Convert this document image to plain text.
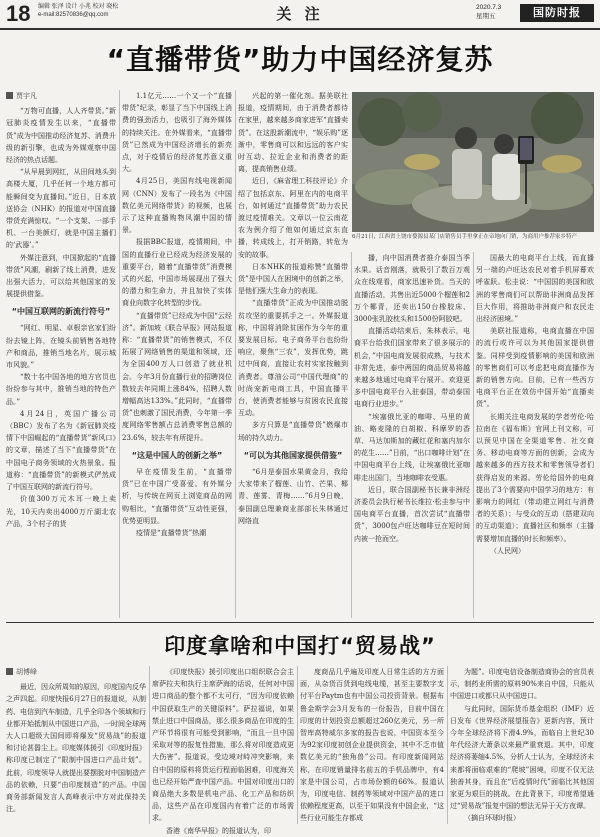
18 编辑 张泽 设计 小兆 校对 晓松
e-mail:82570836@qq.com	关 注	2020.7.3
星期五	国防时报
“直播带货”助力中国经济复苏

贾宇凡

“万物可直播，人人齐带货。”新冠肺炎疫情发生以来，“直播带货”成为中国推动经济复苏、消费升级的新引擎，也成为外媒观察中国经济的热点话题。

“从早晨到网红，从田间地头到高楼大厦，几乎任何一个地方都可能瞬间变为直播间。”近日，日本放送协会（NHK）的报道对中国直播带货充满惊叹。“一个支架、一部手机、一台美颜灯，就是中国主播们的‘武器’。”

外媒注意到，中国掀起的“直播带货”风潮，刷新了线上消费，进发出强大活力，可以给其他国家的发展提供借鉴。

“中国互联网的新流行符号”

“网红、明星、卓根亲官家们纷纷去镜上阵，在镜头前销售各地特产和商品，推销当地名片，展示城市风貌。”

“数十名中国各地的地方官员也纷纷参与其中，推销当地的特色产品。”

4月24日，英国广播公司（BBC）发布了名为《新冠肺炎疫情下中国崛起的“直播带货”新风口》的文章，描述了当下“直播带货”在中国电子商务领域的火热景象。报道称：“直播带货”的新模式俨然成了中国互联网的新流行符号。

价值300万元木耳一晚上卖光，10天内卖出4000万斤湖北农产品，3个村子的货

1.1亿元……一个又一个“直播带货”纪录，彰显了当下中国线上消费的强劲活力，也吸引了海外媒体的持续关注。在外媒看来，“直播带货”已然成为中国经济增长的新亮点，对于疫情后的经济复苏意义重大。

4月25日，美国有线电视新闻网（CNN）发布了一段名为《中国数亿美元网络带货》的视频，也展示了这种直播购物风潮中国的情景。

报据BBC报道，疫情期间，中国的直播行业已经成为经济发展的重要平台，随着“直播带货”消费模式的兴起，中国市场展现出了强大的潜力和生命力，并且加快了实体商业向数字化转型的步伐。

“直播带货”已经成为中国“云经济”。新加坡《联合早报》网站报道称：“直播带货”的销售模式，不仅拓展了网络销售的渠道和领域，还为全国400万人口创造了就业机会。今年3月份直播行业的招聘岗位数较去年同期上涨84%，招聘人数增幅高达133%。”此同时，“直播带货”也刺激了国民消费，今年第一季度网络零售额占总消费零售总额的23.6%，较去年有所提升。

“这是中国人的创新之举”

早在疫情发生前，“直播带货”已在中国广受喜爱。有外媒分析，与传统在网页上浏览商品的网购相比，“直播带货”互动性更强，优势更明显。

疫情是“直播带货”热潮

兴起的第一催化剂。据美联社报道，疫情期间，由于消费者都待在家里，越来越多商家进军“直播卖货”。在这股新潮流中，“娱乐购”逐渐中，零售商可以和远远的客户实时互动、拉近企业和消费者的距离，提高销售业绩。

近日，《麻省理工科技评论》介绍了包括京东、阿里在内的电商平台，如何通过“直播带货”助力农民渡过疫情难关。文章以一位云南花农为例介绍了他如何通过京东直播，转成线上，打开销路，转危为安的故事。

日本NHK的报道称赞“直播带货”是中国人在困境中的创新之举，是他们强大生命力的表现。

“直播带货”正成为中国推动脱贫攻坚的重要抓手之一。外媒报道称，中国将消除贫困作为今年的重要发展目标。电子商务平台也纷纷响应，聚焦“三农”，发挥优势，跳过中间商，直接让农村实家按触到消费者。尊油公司“中国代理商”的时尚宠新电商工具，中国直播平台，使消费者能够与贫困农民直接互动。

多方只算是“直播带货”燃爆市场的持久动力。

“可以为其他国家提供借鉴”

“6月是泰国水果黄金月，我给大家带来了榴莲、山竹、芒果、椰青、莲雾、青梅……”6月9日晚，泰国副总理兼商业部部长朱林通过网络直

6月21日，江西省上饶市婺源县某门店销售员手里拿正在帝地向门销，为商用户推荐家乡特产

播，向中国消费者推介泰国当季水果。话音刚落，就吸引了数百万观众在线观看，商家迅速补货。当天的直播活动，共售出近5000个榴莲和2万个椰青，还卖出150台橡胶床、3000张乳胶枕头和1500份阿胶吧。

直播活动结束后，朱林表示，电商平台给我们国家带来了很多展示的机会，”中国电商发展很成熟，与技术非常先进，泰中两国的商品贸易将越来越多地通过电商平台展开。欢迎更多中国电商平台入驻泰国，带动泰国电商行业进步。”

“埃塞俄比亚的咖啡、马里的黄油、略麦隆的白胡椒、科摩罗的香草、马达加斯加的藏红花和塞内加尔的花生……”日前，“出口咖啡计划”在中国电商平台上线，让埃塞俄比亚咖啡走出国门，当地咖啡农受惠。

近日，联合国副秘书长兼非洲经济委员会执行秘书长维拉·松圭参与中国电商平台直播，首次尝试“直播带货”，3000包卢旺达咖啡豆在短时间内被一抢而空。

国最大的电商平台上线，而直播另一端的卢旺达农民对着手机屏幕欢呼雀跃。松圭说：“中国国的美国和欧洲的零售商们可以帮助非洲商品发挥巨大作用，将推助非洲商户和农民走出经济困境。”

美联社报道称，电商直播在中国的流行或许可以为其他国家提供借鉴。同样受到疫情影响的美国和欧洲的零售商们可以考虑把电商直播作为新的销售方向。目前，已有一些西方电商平台正在效仿中国开始“直播卖货”。

长期关注电商发展的学者劳伦·哈拉南在《福布斯》官网上刊文称，可以预见中国在全渠道零售、社交商务、移动电商等方面的创新，会成为越来越多的西方技术和零售领导者们获得启发的来源。劳伦给国外的电商提出了3个需要向中国学习的地方：有影响力的网红（带动建立网红与消费者的关系）；与受众的互动（搭建双向的互动渠道）；直播社区和频率（主播需要增加直播的时长和频率）。

（人民网）

印度拿啥和中国打“贸易战”

胡博峰

最近，因众所周知的原因，印度国内反华之声四起。印度快报6月27日的报道说，从制药、电信到汽车制造，几乎全印各个领域和行业都开始抵制从中国进口产品，一时间全球两大人口超级大国间即将爆发“贸易战”的报道和讨论甚嚣尘上。印度媒体援引《印度时报》称印度已制定了“限制中国进口产品计划”。此前，印度领导人就提出要摆脱对中国制造产品的依赖，只要“由印度制造”的产品。中国商务部新闻发言人高峰表示中方对此保持关注。

《印度快报》援引印度出口组织联合会主席萨拉夫和执行主席萨海的话说，任何对中国进口商品的整个都不太可行，“因为印度依赖中国获取生产的关键原料”。萨拉福说，如果禁止进口中国商品，那么很多商品在印度的生产环节将很有可能受到影响，“而且一旦中国采取对等的报复性措施，那么将对印度造成更大伤害”。报道说，受边境对峙冲突影响，来自中国的原料将货运行程面临困难，印度海关也已经开始严查中国产品。中国对印度出口的商品绝大多数是机电产品、化工产品和纺织品，这些产品在印度国内有着广泛的市场需求。

香港《南华早报》的报道认为，印

度商品几乎遍及印度人日常生活的方方面面，从杂货百货到电线电缆，甚至主要数字支付平台Paytm也有中国公司投资背景。根据布鲁金斯学会3月发布的一份报告，目前中国在印度的计划投资总额超过260亿美元，另一所智库高特威尔多家的报告也说，中国资本至今为92家印度初创企业提供资金，其中不乏市值数亿美元的“独角兽”公司。有印度新闻网站称，在印度销量排名前五的手机品牌中，有4家是中国公司，占市场份额的66%。报道认为，印度电信、制药等领域对中国产品的进口依赖程度更高，以至于如果没有中国企业，“这些行业可能生存都成

为题”。印度电信设备制造商协会的官员表示，制药业所需的原料90%来自中国，只能从中国进口或都只从中国进口。

与此同时，国际货币基金组织（IMF）近日发布《世界经济展望报告》更新内容，预计今年全球经济将下滑4.9%，而临自上世纪30年代经济大萧条以来最严重衰退。其中，印度经济将萎缩4.5%，分析人士认为，全球经济未来都将面临艰难的“爬坡”困境，印度不仅无法独善其身，而且在“后疫情时代”面临比其他国家更为艰巨的挑战。在此背景下，印度希望通过“贸易战”报复中国的想法无异于天方夜谭。

（摘自环球时报）
